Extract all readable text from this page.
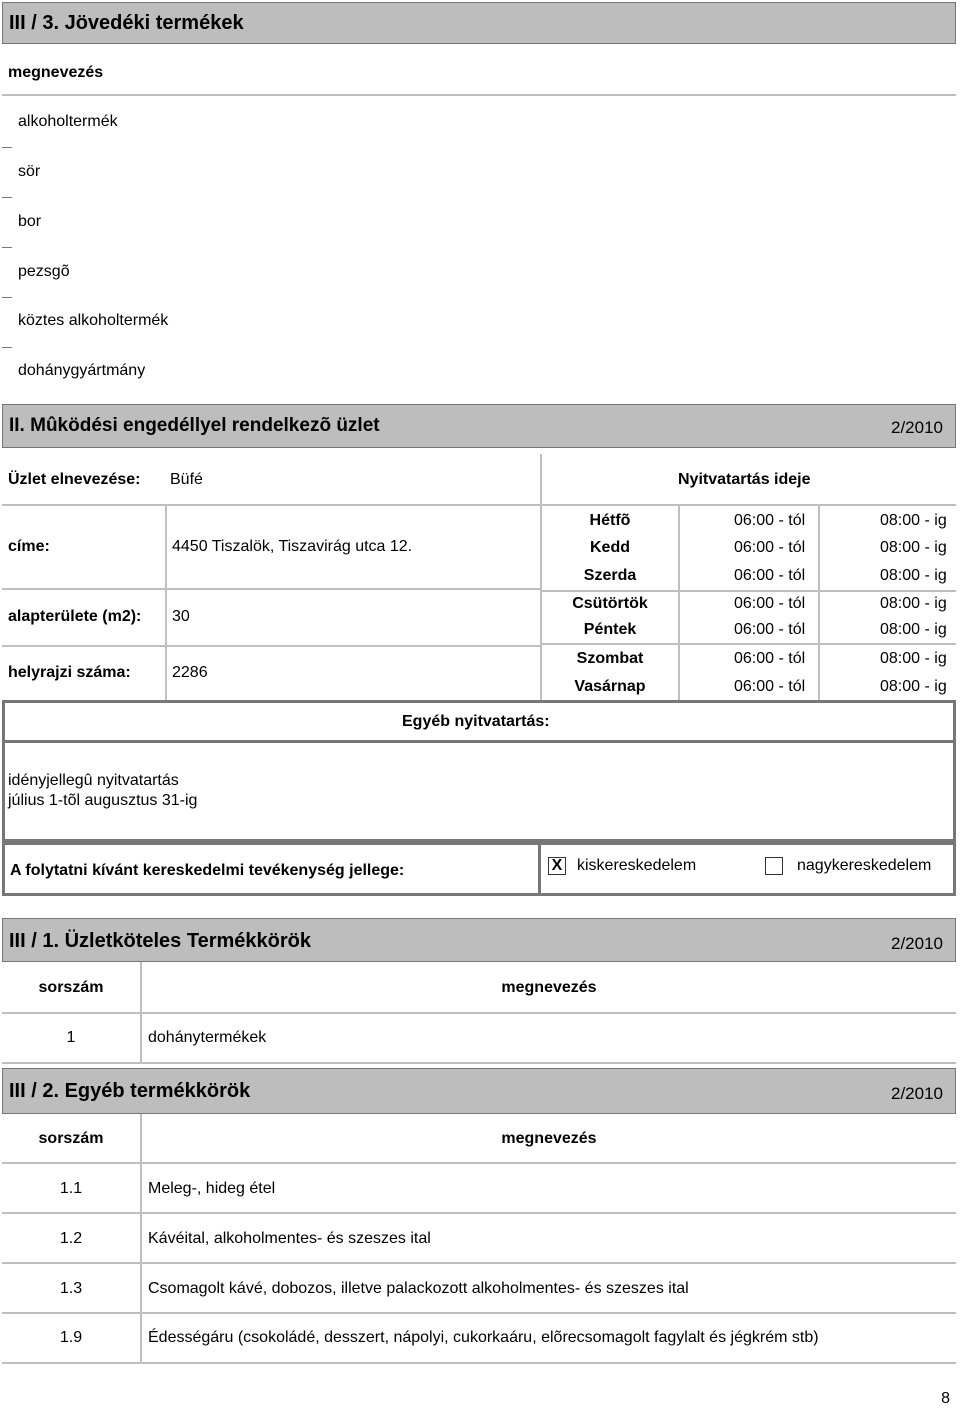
III / 3. Jövedéki termékek
megnevezés
alkoholtermék
sör
bor
pezsgõ
köztes alkoholtermék
dohánygyártmány
II. Mûködési engedéllyel rendelkezõ üzlet	2/2010
Üzlet elnevezése: Büfé	Nyitvatartás ideje
címe:	4450 Tiszalök, Tiszavirág utca 12.
alapterülete (m2): 30
helyrajzi száma:	2286
Hétfõ	06:00 - tól	08:00 - ig
Kedd	06:00 - tól	08:00 - ig
Szerda	06:00 - tól	08:00 - ig
Csütörtök	06:00 - tól	08:00 - ig
Péntek	06:00 - tól	08:00 - ig
Szombat	06:00 - tól	08:00 - ig
Vasárnap	06:00 - tól	08:00 - ig
Egyéb nyitvatartás:
idényjellegû nyitvatartás
július 1-tõl augusztus 31-ig
A folytatni kívánt kereskedelmi tevékenység jellege:	X kiskereskedelem	nagykereskedelem
III / 1. Üzletköteles Termékkörök	2/2010
sorszám	megnevezés
1	dohánytermékek
III / 2. Egyéb termékkörök	2/2010
sorszám	megnevezés
1.1	Meleg-, hideg étel
1.2	Kávéital, alkoholmentes- és szeszes ital
1.3	Csomagolt kávé, dobozos, illetve palackozott alkoholmentes- és szeszes ital
1.9	Édességáru (csokoládé, desszert, nápolyi, cukorkaáru, elõrecsomagolt fagylalt és jégkrém stb)
8
